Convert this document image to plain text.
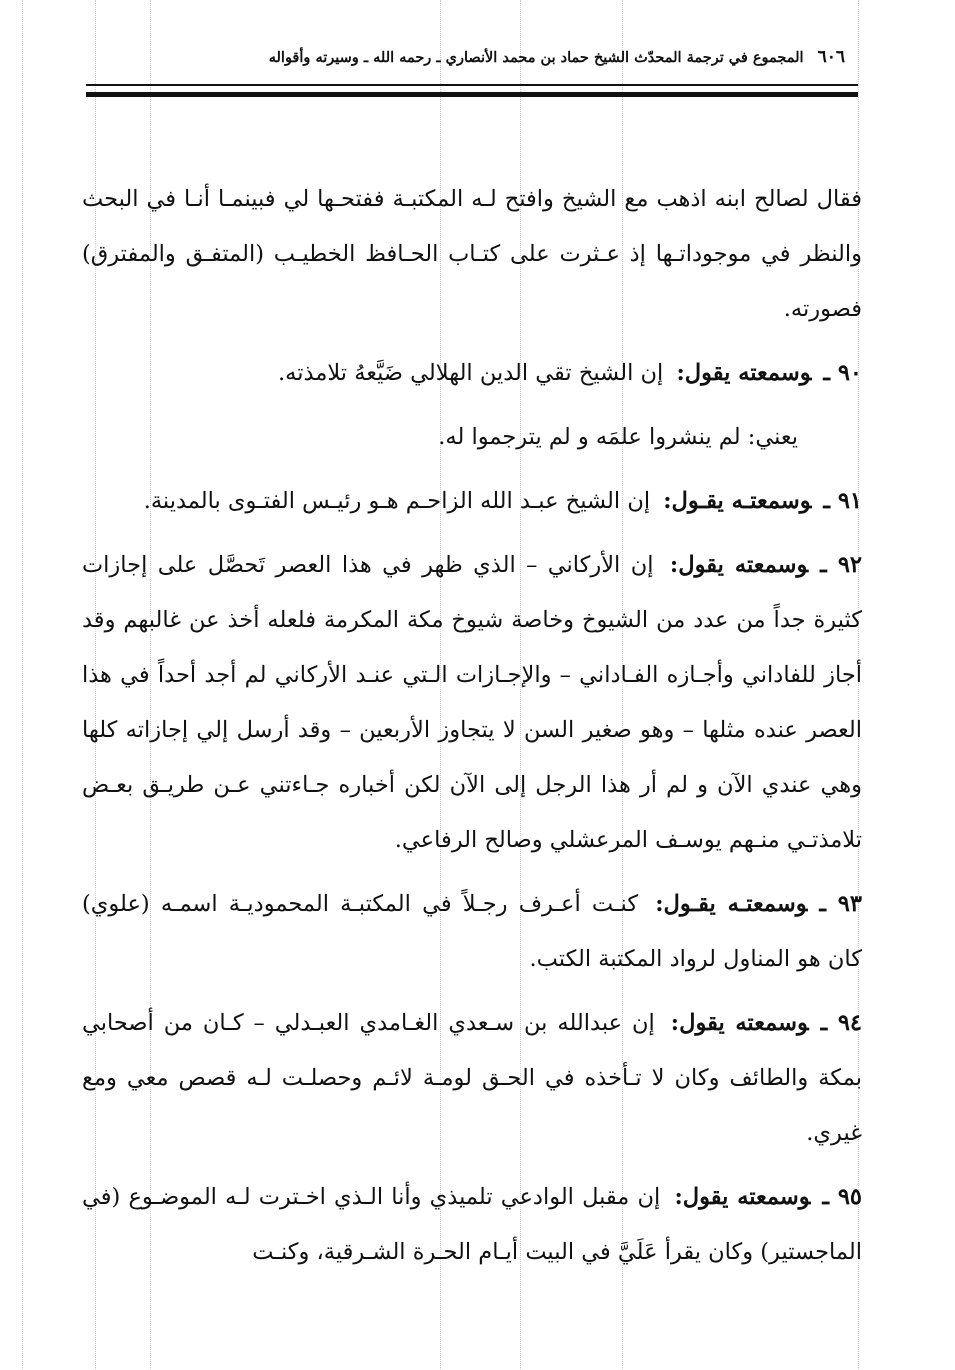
٦٠٦
المجموع في ترجمة المحدّث الشيخ حماد بن محمد الأنصاري ـ رحمه الله ـ وسيرته وأقواله

فقال لصالح ابنه اذهب مع الشيخ وافتح لـه المكتبـة ففتحـها لي فبينمـا أنـا في البحث والنظر في موجوداتـها إذ عـثرت على كتـاب الحـافظ الخطيـب (المتفـق والمفترق) فصورته.

٩٠ ـوسمعته يقول: إن الشيخ تقي الدين الهلالي ضَيَّعهُ تلامذته.

يعني: لم ينشروا علمَه و لم يترجموا له.

٩١ ـوسمعتـه يقـول: إن الشيخ عبـد الله الزاحـم هـو رئيـس الفتـوى بالمدينة.

٩٢ ـوسمعته يقول: إن الأركاني – الذي ظهر في هذا العصر تَحصَّل على إجازات كثيرة جداً من عدد من الشيوخ وخاصة شيوخ مكة المكرمة فلعله أخذ عن غالبهم وقد أجاز للفاداني وأجـازه الفـاداني – والإجـازات الـتي عنـد الأركاني لم أجد أحداً في هذا العصر عنده مثلها – وهو صغير السن لا يتجاوز الأربعين – وقد أرسل إلي إجازاته كلها وهي عندي الآن و لم أر هذا الرجل إلى الآن لكن أخباره جـاءتني عـن طريـق بعـض تلامذتـي منـهم يوسـف المرعشلي وصالح الرفاعي.

٩٣ ـوسمعتـه يقـول: كنـت أعـرف رجـلاً في المكتبـة المحموديـة اسمـه (علوي) كان هو المناول لرواد المكتبة الكتب.

٩٤ ـوسمعته يقول: إن عبدالله بن سـعدي الغـامدي العبـدلي – كـان من أصحابي بمكة والطائف وكان لا تـأخذه في الحـق لومـة لائـم وحصلـت لـه قصص معي ومع غيري.

٩٥ ـوسمعته يقول: إن مقبل الوادعي تلميذي وأنا الـذي اخـترت لـه الموضـوع (في الماجستير) وكان يقرأ عَلَيَّ في البيت أيـام الحـرة الشـرقية، وكنـت
